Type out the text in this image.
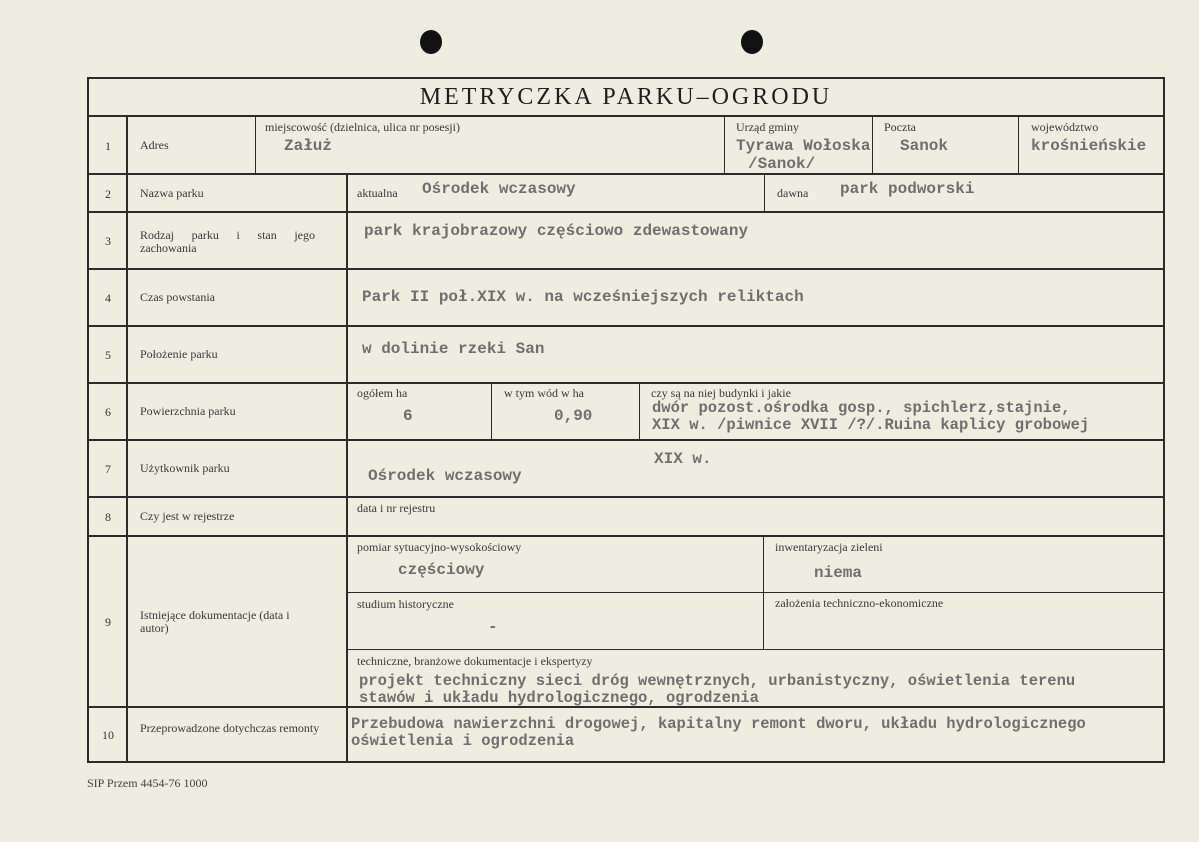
METRYCZKA PARKU–OGRODU
1
2
3
4
5
6
7
8
9
10
Adres
Nazwa parku
Rodzaj parku i stan jego zachowania
Czas powstania
Położenie parku
Powierzchnia parku
Użytkownik parku
Czy jest w rejestrze
Istniejące dokumentacje (data i autor)
Przeprowadzone dotychczas remonty
miejscowość (dzielnica, ulica nr posesji)
Załuż
Urząd gminy
Tyrawa Wołoska
/Sanok/
Poczta
Sanok
województwo
krośnieńskie
aktualna Ośrodek wczasowy	dawna park podworski
park krajobrazowy częściowo zdewastowany
Park II poł.XIX w. na wcześniejszych reliktach
w dolinie rzeki San
ogółem ha
6
w tym wód w ha
0,90
czy są na niej budynki i jakie
dwór pozost.ośrodka gosp., spichlerz,stajnie,
XIX w. /piwnice XVII /?/.Ruina kaplicy grobowej
XIX w.
Ośrodek wczasowy
data i nr rejestru
pomiar sytuacyjno-wysokościowy
częściowy
inwentaryzacja zieleni
niema
studium historyczne
-
założenia techniczno-ekonomiczne
techniczne, branżowe dokumentacje i ekspertyzy
projekt techniczny sieci dróg wewnętrznych, urbanistyczny, oświetlenia terenu
stawów i układu hydrologicznego, ogrodzenia
Przebudowa nawierzchni drogowej, kapitalny remont dworu, układu hydrologicznego
oświetlenia i ogrodzenia
SIP Przem 4454-76 1000
